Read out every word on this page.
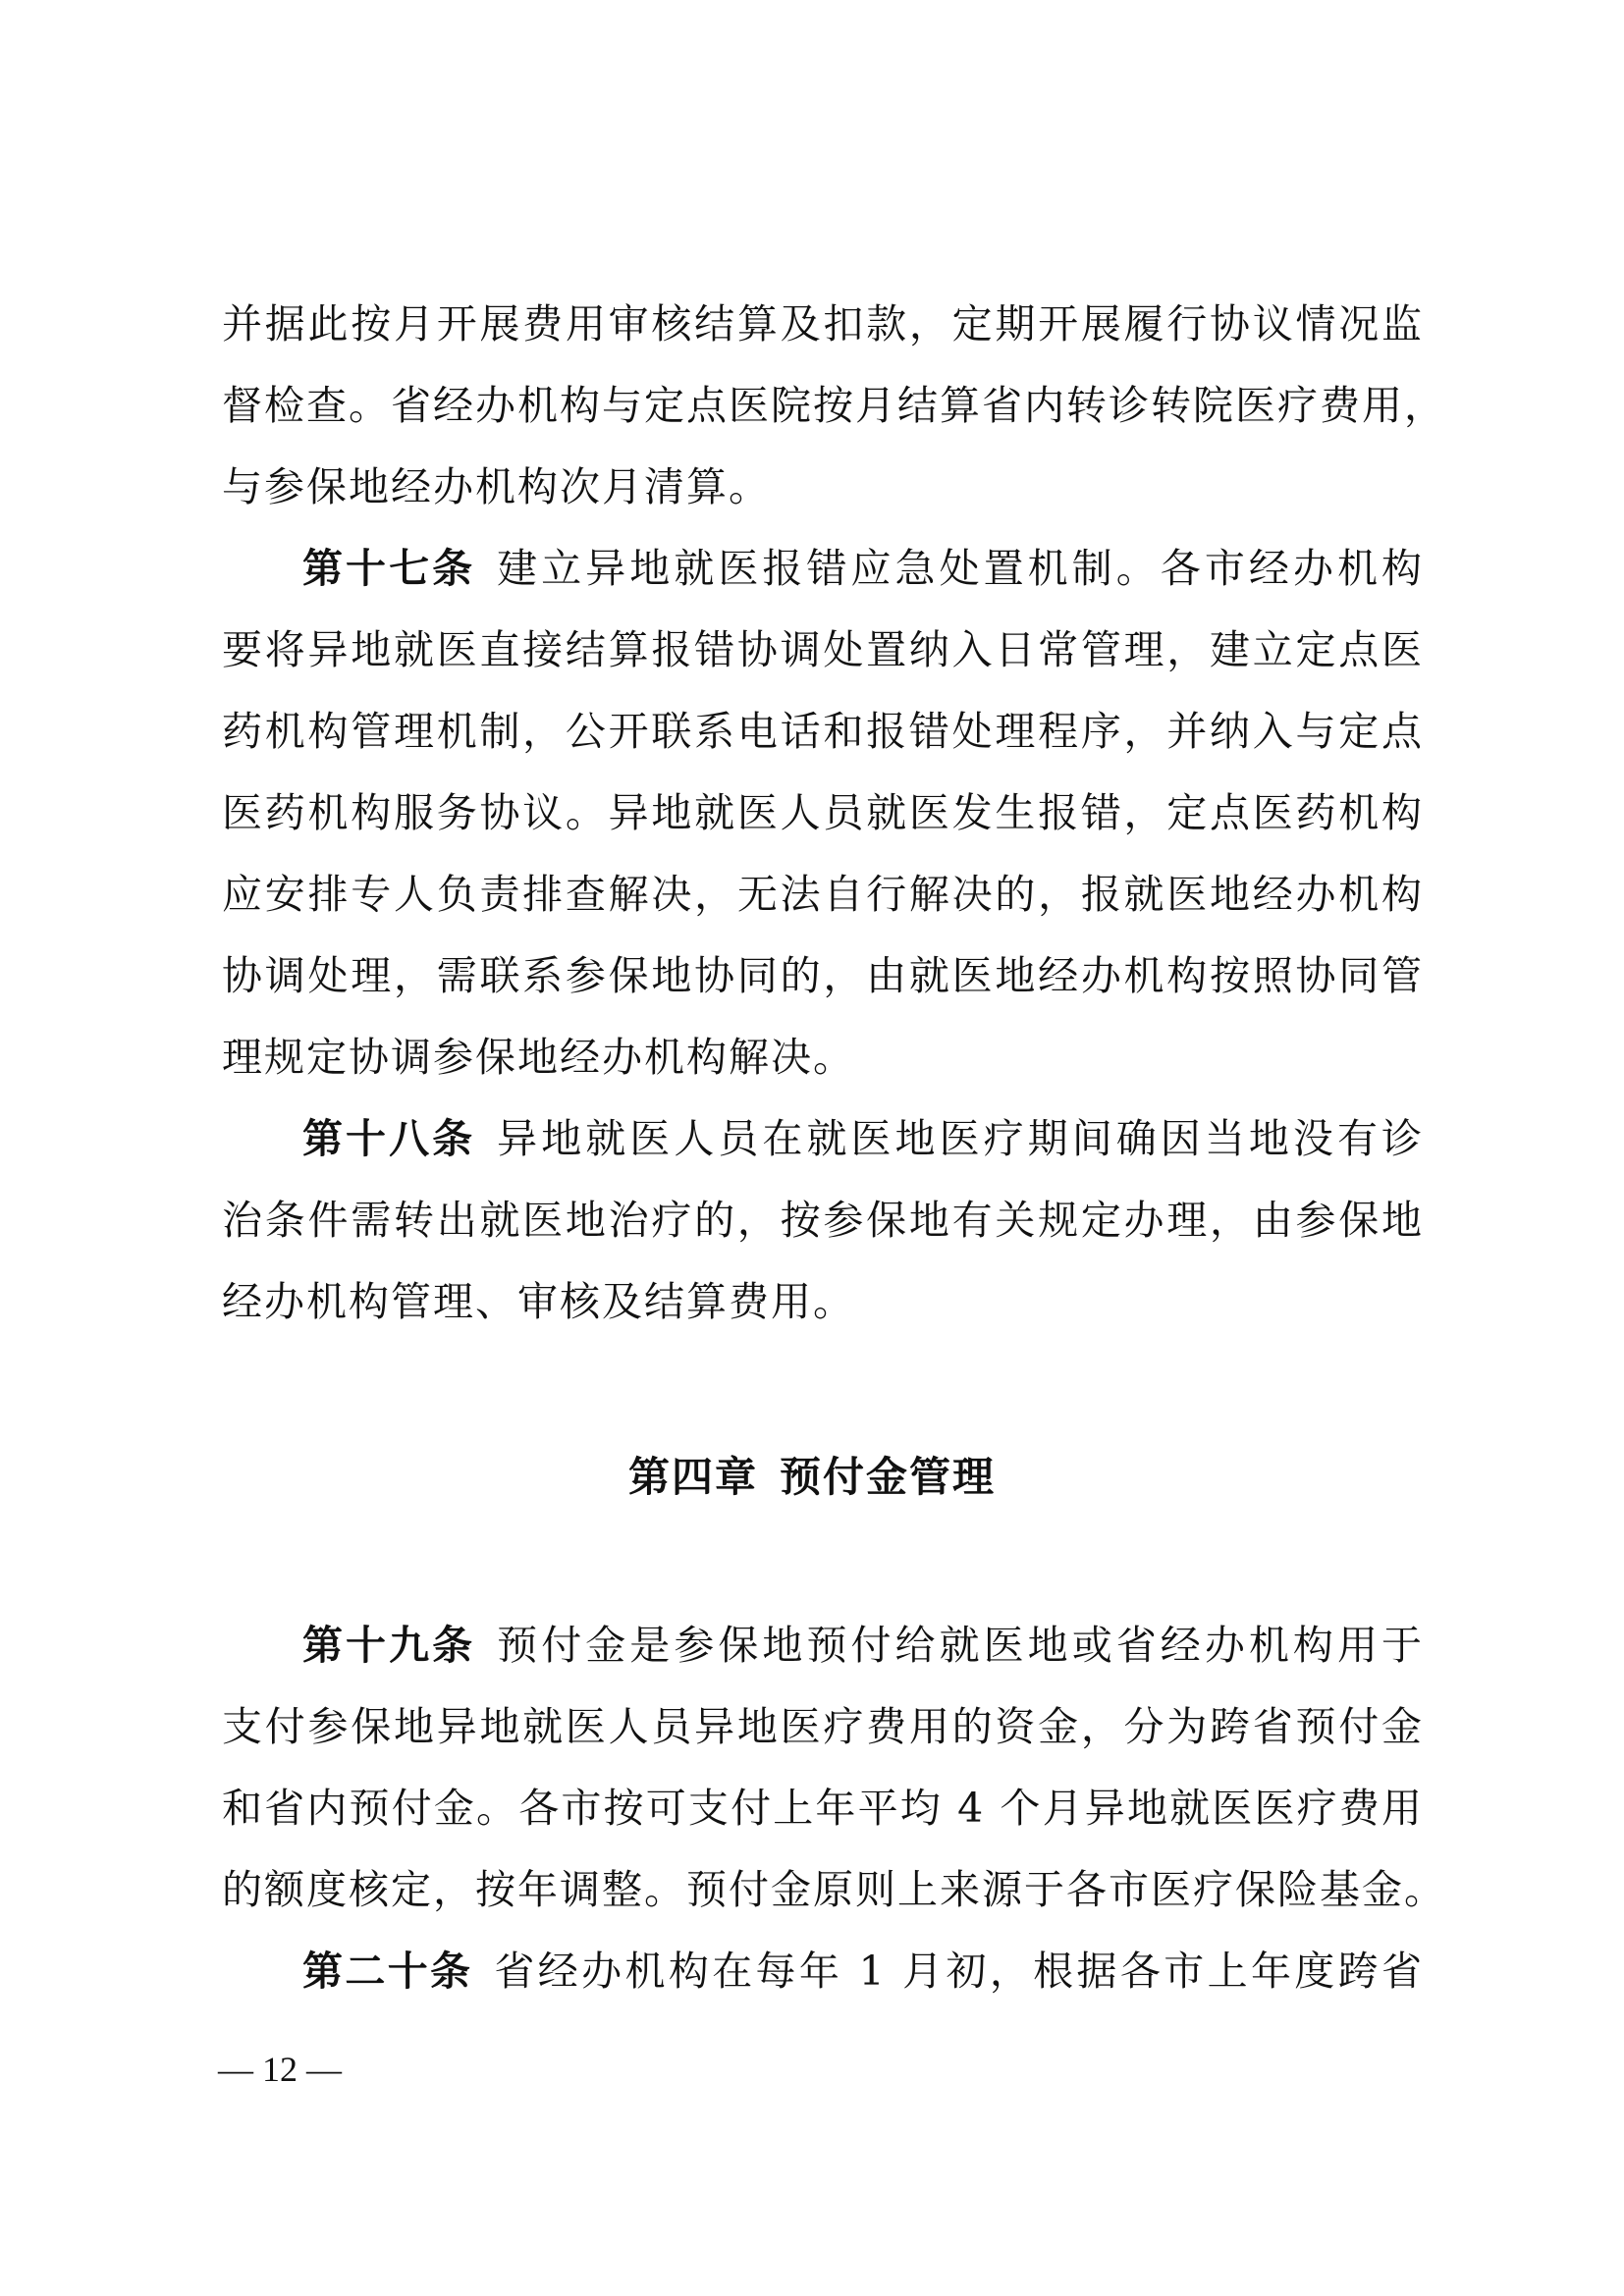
并据此按月开展费用审核结算及扣款，定期开展履行协议情况监
督检查。省经办机构与定点医院按月结算省内转诊转院医疗费用，
与参保地经办机构次月清算。
第十七条 建立异地就医报错应急处置机制。各市经办机构
要将异地就医直接结算报错协调处置纳入日常管理，建立定点医
药机构管理机制，公开联系电话和报错处理程序，并纳入与定点
医药机构服务协议。异地就医人员就医发生报错，定点医药机构
应安排专人负责排查解决，无法自行解决的，报就医地经办机构
协调处理，需联系参保地协同的，由就医地经办机构按照协同管
理规定协调参保地经办机构解决。
第十八条 异地就医人员在就医地医疗期间确因当地没有诊
治条件需转出就医地治疗的，按参保地有关规定办理，由参保地
经办机构管理、审核及结算费用。
第四章 预付金管理
第十九条 预付金是参保地预付给就医地或省经办机构用于
支付参保地异地就医人员异地医疗费用的资金，分为跨省预付金
和省内预付金。各市按可支付上年平均 4 个月异地就医医疗费用
的额度核定，按年调整。预付金原则上来源于各市医疗保险基金。
第二十条 省经办机构在每年 1 月初，根据各市上年度跨省
— 12 —
